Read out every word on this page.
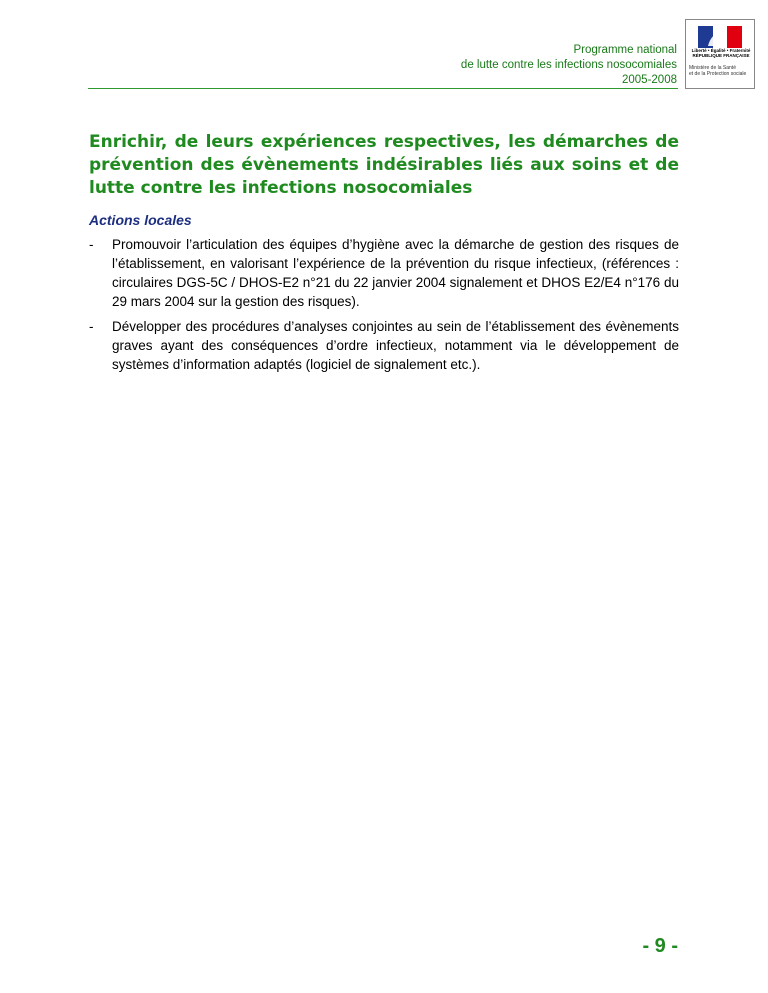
Programme national
de lutte contre les infections nosocomiales
2005-2008
Liberté • Égalité • Fraternité
RÉPUBLIQUE FRANÇAISE
Ministère de la Santé
et de la Protection sociale
Enrichir, de leurs expériences respectives, les démarches de prévention des évènements indésirables liés aux soins et de lutte contre les infections nosocomiales
Actions locales
- Promouvoir l’articulation des équipes d’hygiène avec la démarche de gestion des risques de l’établissement, en valorisant l’expérience de la prévention du risque infectieux, (références : circulaires DGS-5C / DHOS-E2 n°21 du 22 janvier 2004 signalement et DHOS E2/E4 n°176 du 29 mars 2004 sur la gestion des risques).
- Développer des procédures d’analyses conjointes au sein de l’établissement des évènements graves ayant des conséquences d’ordre infectieux, notamment via le développement de systèmes d’information adaptés (logiciel de signalement etc.).
- 9 -
